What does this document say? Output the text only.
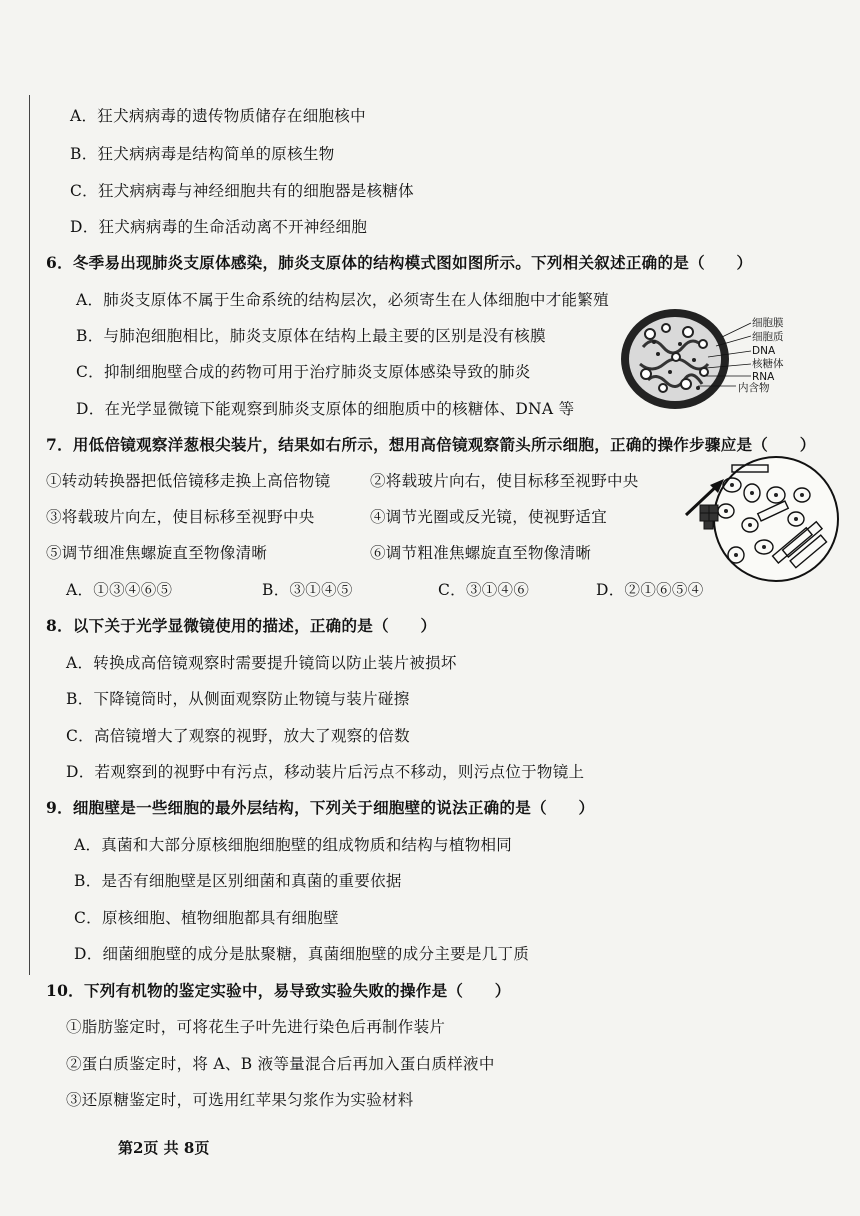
A．狂犬病病毒的遗传物质储存在细胞核中
B．狂犬病病毒是结构简单的原核生物
C．狂犬病病毒与神经细胞共有的细胞器是核糖体
D．狂犬病病毒的生命活动离不开神经细胞
6．冬季易出现肺炎支原体感染，肺炎支原体的结构模式图如图所示。下列相关叙述正确的是（　　）
A．肺炎支原体不属于生命系统的结构层次，必须寄生在人体细胞中才能繁殖
B．与肺泡细胞相比，肺炎支原体在结构上最主要的区别是没有核膜
C．抑制细胞壁合成的药物可用于治疗肺炎支原体感染导致的肺炎
D．在光学显微镜下能观察到肺炎支原体的细胞质中的核糖体、DNA 等
细胞膜
细胞质
DNA
核糖体
RNA
内含物
7．用低倍镜观察洋葱根尖装片，结果如右所示，想用高倍镜观察箭头所示细胞，正确的操作步骤应是（　　）
①转动转换器把低倍镜移走换上高倍物镜	②将载玻片向右，使目标移至视野中央
③将载玻片向左，使目标移至视野中央	④调节光圈或反光镜，使视野适宜
⑤调节细准焦螺旋直至物像清晰	⑥调节粗准焦螺旋直至物像清晰
A．①③④⑥⑤	B．③①④⑤	C．③①④⑥	D．②①⑥⑤④
8．以下关于光学显微镜使用的描述，正确的是（　　）
A．转换成高倍镜观察时需要提升镜筒以防止装片被损坏
B．下降镜筒时，从侧面观察防止物镜与装片碰擦
C．高倍镜增大了观察的视野，放大了观察的倍数
D．若观察到的视野中有污点，移动装片后污点不移动，则污点位于物镜上
9．细胞壁是一些细胞的最外层结构，下列关于细胞壁的说法正确的是（　　）
A．真菌和大部分原核细胞细胞壁的组成物质和结构与植物相同
B．是否有细胞壁是区别细菌和真菌的重要依据
C．原核细胞、植物细胞都具有细胞壁
D．细菌细胞壁的成分是肽聚糖，真菌细胞壁的成分主要是几丁质
10．下列有机物的鉴定实验中，易导致实验失败的操作是（　　）
①脂肪鉴定时，可将花生子叶先进行染色后再制作装片
②蛋白质鉴定时，将 A、B 液等量混合后再加入蛋白质样液中
③还原糖鉴定时，可选用红苹果匀浆作为实验材料
第2页 共 8页
